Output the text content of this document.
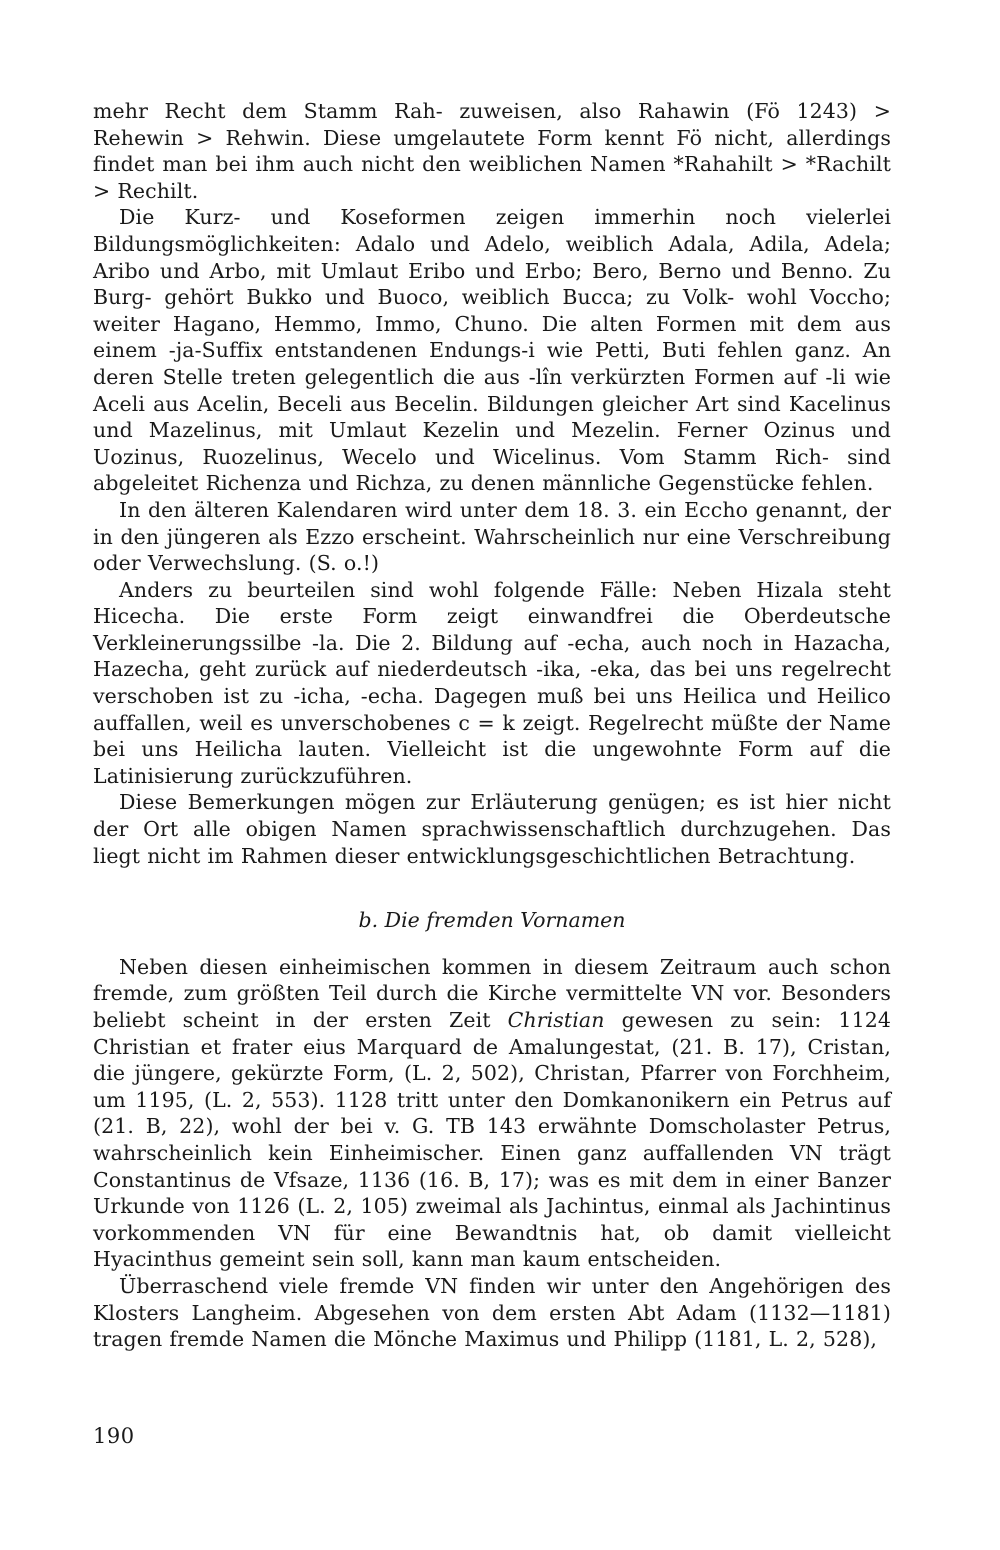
mehr Recht dem Stamm Rah- zuweisen, also Rahawin (Fö 1243) > Rehewin > Rehwin. Diese umgelautete Form kennt Fö nicht, allerdings findet man bei ihm auch nicht den weiblichen Namen *Rahahilt > *Rachilt > Rechilt.

Die Kurz- und Koseformen zeigen immerhin noch vielerlei Bildungsmöglichkeiten: Adalo und Adelo, weiblich Adala, Adila, Adela; Aribo und Arbo, mit Umlaut Eribo und Erbo; Bero, Berno und Benno. Zu Burg- gehört Bukko und Buoco, weiblich Bucca; zu Volk- wohl Voccho; weiter Hagano, Hemmo, Immo, Chuno. Die alten Formen mit dem aus einem -ja-Suffix entstandenen Endungs-i wie Petti, Buti fehlen ganz. An deren Stelle treten gelegentlich die aus -lîn verkürzten Formen auf -li wie Aceli aus Acelin, Beceli aus Becelin. Bildungen gleicher Art sind Kacelinus und Mazelinus, mit Umlaut Kezelin und Mezelin. Ferner Ozinus und Uozinus, Ruozelinus, Wecelo und Wicelinus. Vom Stamm Rich- sind abgeleitet Richenza und Richza, zu denen männliche Gegenstücke fehlen.

In den älteren Kalendaren wird unter dem 18. 3. ein Eccho genannt, der in den jüngeren als Ezzo erscheint. Wahrscheinlich nur eine Verschreibung oder Verwechslung. (S. o.!)

Anders zu beurteilen sind wohl folgende Fälle: Neben Hizala steht Hicecha. Die erste Form zeigt einwandfrei die Oberdeutsche Verkleinerungssilbe -la. Die 2. Bildung auf -echa, auch noch in Hazacha, Hazecha, geht zurück auf niederdeutsch -ika, -eka, das bei uns regelrecht verschoben ist zu -icha, -echa. Dagegen muß bei uns Heilica und Heilico auffallen, weil es unverschobenes c = k zeigt. Regelrecht müßte der Name bei uns Heilicha lauten. Vielleicht ist die ungewohnte Form auf die Latinisierung zurückzuführen.

Diese Bemerkungen mögen zur Erläuterung genügen; es ist hier nicht der Ort alle obigen Namen sprachwissenschaftlich durchzugehen. Das liegt nicht im Rahmen dieser entwicklungsgeschichtlichen Betrachtung.

b. Die fremden Vornamen

Neben diesen einheimischen kommen in diesem Zeitraum auch schon fremde, zum größten Teil durch die Kirche vermittelte VN vor. Besonders beliebt scheint in der ersten Zeit Christian gewesen zu sein: 1124 Christian et frater eius Marquard de Amalungestat, (21. B. 17), Cristan, die jüngere, gekürzte Form, (L. 2, 502), Christan, Pfarrer von Forchheim, um 1195, (L. 2, 553). 1128 tritt unter den Domkanonikern ein Petrus auf (21. B, 22), wohl der bei v. G. TB 143 erwähnte Domscholaster Petrus, wahrscheinlich kein Einheimischer. Einen ganz auffallenden VN trägt Constantinus de Vfsaze, 1136 (16. B, 17); was es mit dem in einer Banzer Urkunde von 1126 (L. 2, 105) zweimal als Jachintus, einmal als Jachintinus vorkommenden VN für eine Bewandtnis hat, ob damit vielleicht Hyacinthus gemeint sein soll, kann man kaum entscheiden.

Überraschend viele fremde VN finden wir unter den Angehörigen des Klosters Langheim. Abgesehen von dem ersten Abt Adam (1132—1181) tragen fremde Namen die Mönche Maximus und Philipp (1181, L. 2, 528),

190
